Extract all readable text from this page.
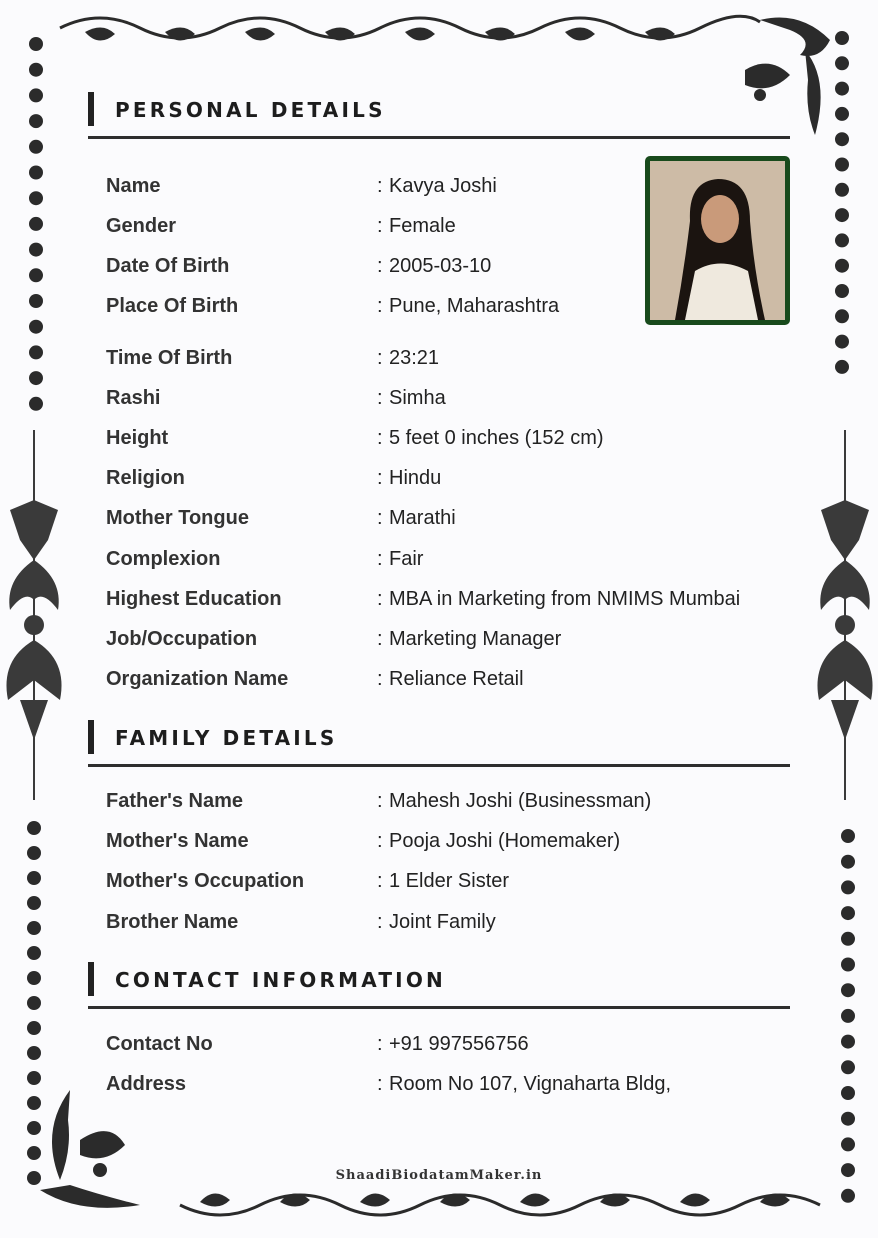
PERSONAL DETAILS
Name	: Kavya Joshi
Gender	: Female
Date Of Birth	: 2005-03-10
Place Of Birth	: Pune, Maharashtra
Time Of Birth	: 23:21
Rashi	: Simha
Height	: 5 feet 0 inches (152 cm)
Religion	: Hindu
Mother Tongue	: Marathi
Complexion	: Fair
Highest Education	: MBA in Marketing from NMIMS Mumbai
Job/Occupation	: Marketing Manager
Organization Name	: Reliance Retail
FAMILY DETAILS
Father's Name	: Mahesh Joshi (Businessman)
Mother's Name	: Pooja Joshi (Homemaker)
Mother's Occupation	: 1 Elder Sister
Brother Name	: Joint Family
CONTACT INFORMATION
Contact No	: +91 997556756
Address	: Room No 107, Vignaharta Bldg,
ShaadiBiodatamMaker.in
